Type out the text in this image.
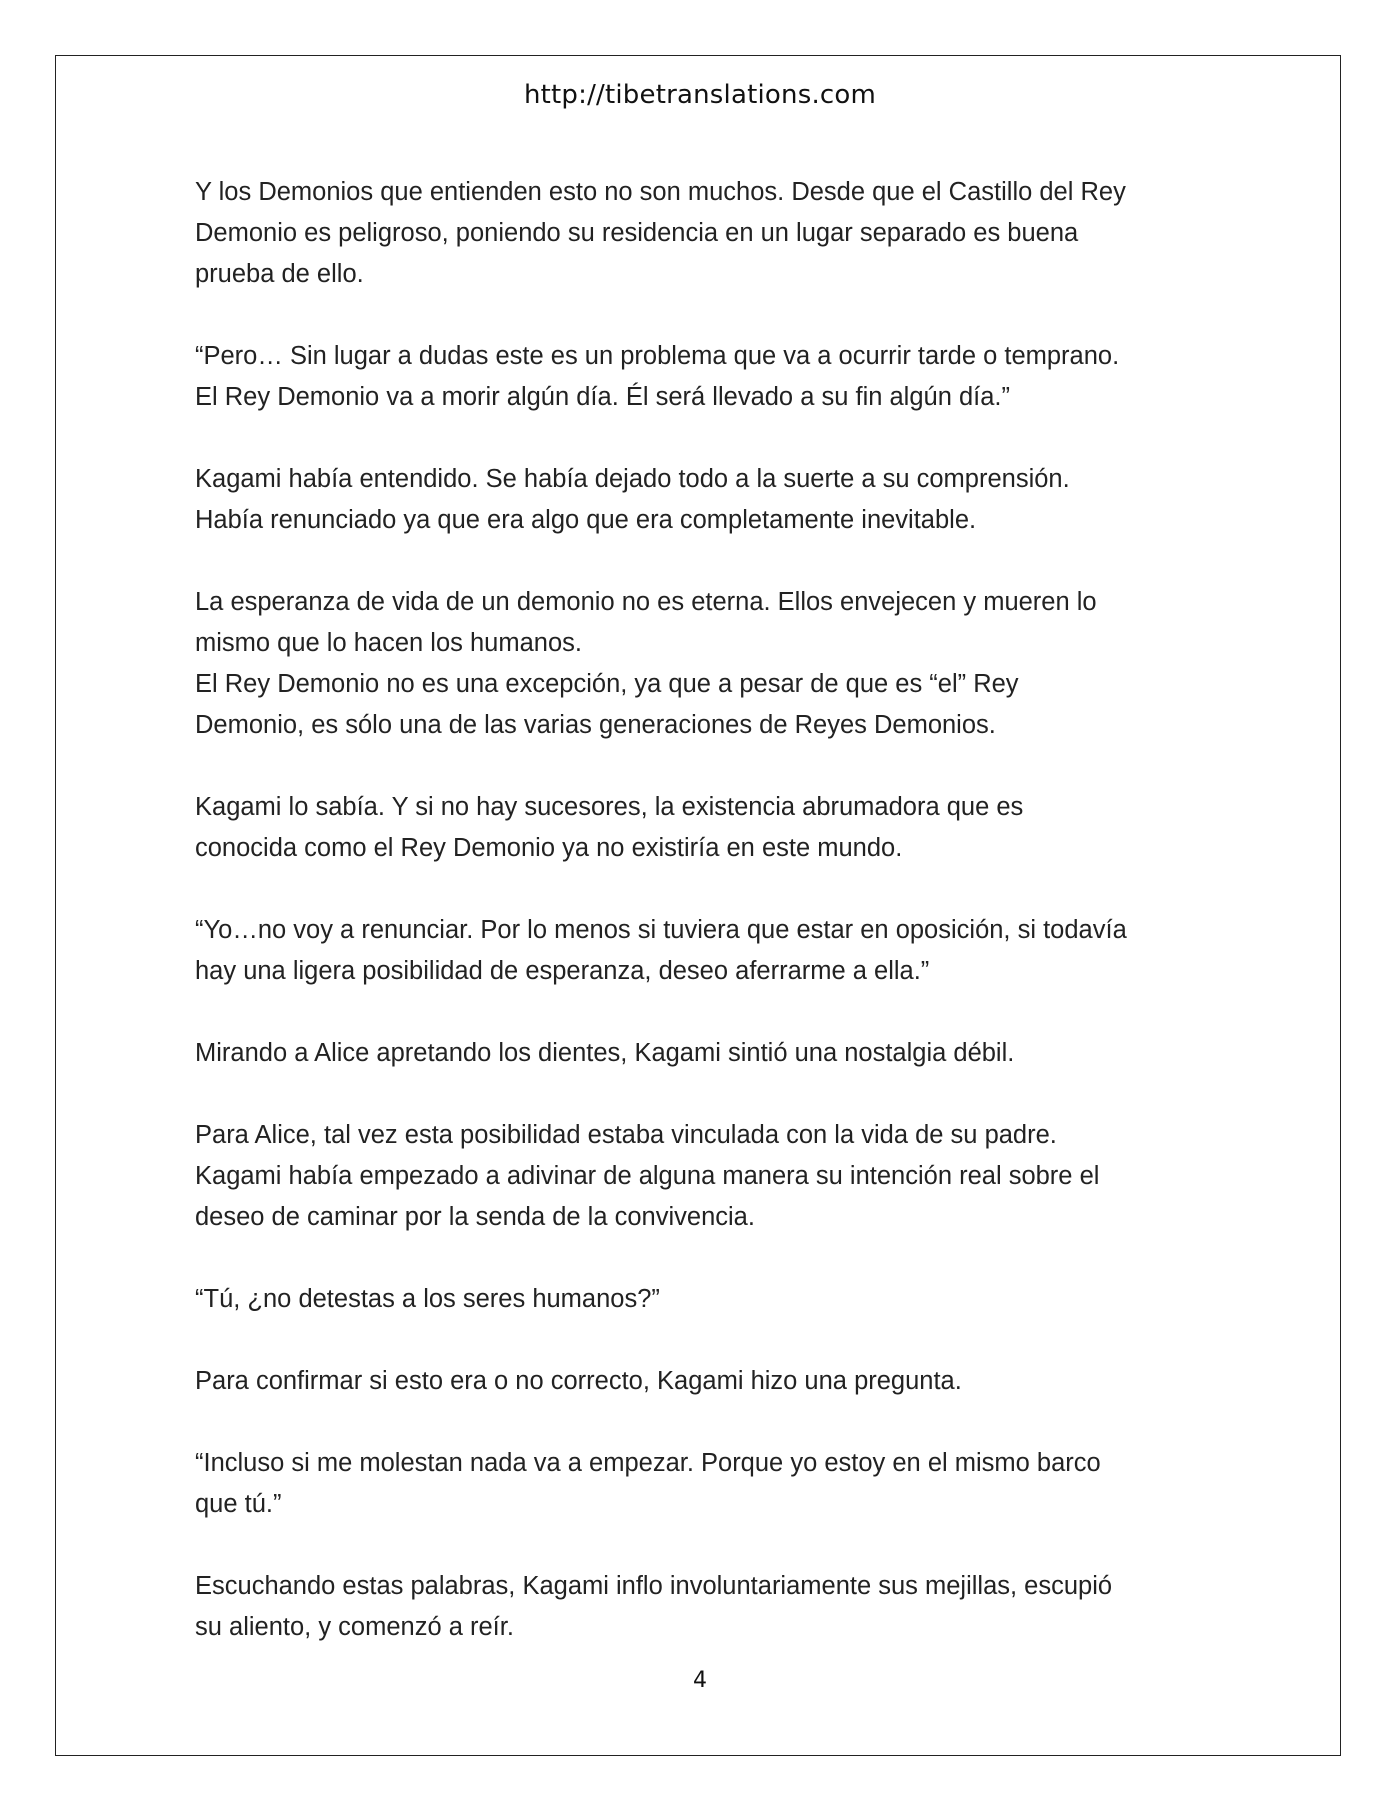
http://tibetranslations.com

Y los Demonios que entienden esto no son muchos. Desde que el Castillo del Rey
Demonio es peligroso, poniendo su residencia en un lugar separado es buena
prueba de ello.

“Pero… Sin lugar a dudas este es un problema que va a ocurrir tarde o temprano.
El Rey Demonio va a morir algún día. Él será llevado a su fin algún día.”

Kagami había entendido. Se había dejado todo a la suerte a su comprensión.
Había renunciado ya que era algo que era completamente inevitable.

La esperanza de vida de un demonio no es eterna. Ellos envejecen y mueren lo
mismo que lo hacen los humanos.
El Rey Demonio no es una excepción, ya que a pesar de que es “el” Rey
Demonio, es sólo una de las varias generaciones de Reyes Demonios.

Kagami lo sabía. Y si no hay sucesores, la existencia abrumadora que es
conocida como el Rey Demonio ya no existiría en este mundo.

“Yo…no voy a renunciar. Por lo menos si tuviera que estar en oposición, si todavía
hay una ligera posibilidad de esperanza, deseo aferrarme a ella.”

Mirando a Alice apretando los dientes, Kagami sintió una nostalgia débil.

Para Alice, tal vez esta posibilidad estaba vinculada con la vida de su padre.
Kagami había empezado a adivinar de alguna manera su intención real sobre el
deseo de caminar por la senda de la convivencia.

“Tú, ¿no detestas a los seres humanos?”

Para confirmar si esto era o no correcto, Kagami hizo una pregunta.

“Incluso si me molestan nada va a empezar. Porque yo estoy en el mismo barco
que tú.”

Escuchando estas palabras, Kagami inflo involuntariamente sus mejillas, escupió
su aliento, y comenzó a reír.

4
